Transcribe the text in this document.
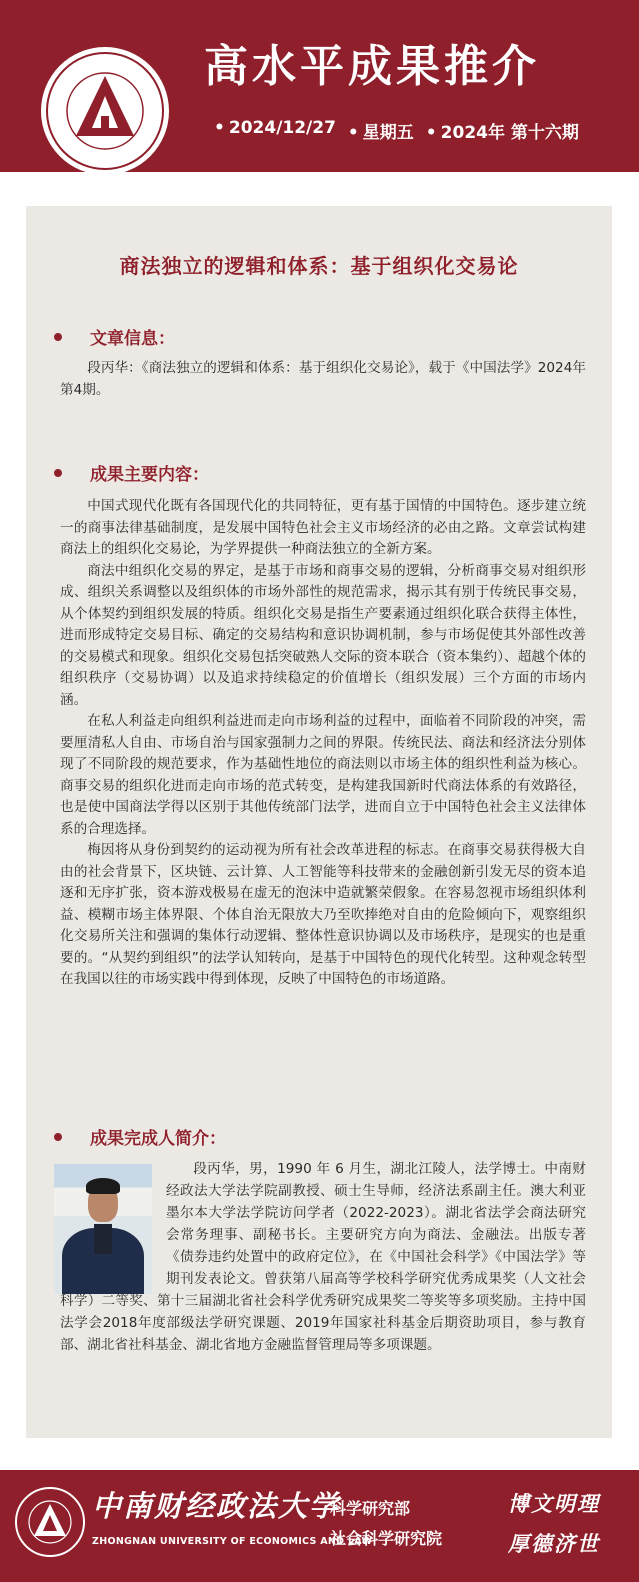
高水平成果推介
• 2024/12/27	• 星期五	• 2024年 第十六期
商法独立的逻辑和体系：基于组织化交易论
文章信息：

段丙华：《商法独立的逻辑和体系：基于组织化交易论》，载于《中国法学》2024年第4期。

成果主要内容：

中国式现代化既有各国现代化的共同特征，更有基于国情的中国特色。逐步建立统一的商事法律基础制度，是发展中国特色社会主义市场经济的必由之路。文章尝试构建商法上的组织化交易论，为学界提供一种商法独立的全新方案。

商法中组织化交易的界定，是基于市场和商事交易的逻辑，分析商事交易对组织形成、组织关系调整以及组织体的市场外部性的规范需求，揭示其有别于传统民事交易，从个体契约到组织发展的特质。组织化交易是指生产要素通过组织化联合获得主体性，进而形成特定交易目标、确定的交易结构和意识协调机制，参与市场促使其外部性改善的交易模式和现象。组织化交易包括突破熟人交际的资本联合（资本集约）、超越个体的组织秩序（交易协调）以及追求持续稳定的价值增长（组织发展）三个方面的市场内涵。

在私人利益走向组织利益进而走向市场利益的过程中，面临着不同阶段的冲突，需要厘清私人自由、市场自治与国家强制力之间的界限。传统民法、商法和经济法分别体现了不同阶段的规范要求，作为基础性地位的商法则以市场主体的组织性利益为核心。商事交易的组织化进而走向市场的范式转变，是构建我国新时代商法体系的有效路径，也是使中国商法学得以区别于其他传统部门法学，进而自立于中国特色社会主义法律体系的合理选择。

梅因将从身份到契约的运动视为所有社会改革进程的标志。在商事交易获得极大自由的社会背景下，区块链、云计算、人工智能等科技带来的金融创新引发无尽的资本追逐和无序扩张，资本游戏极易在虚无的泡沫中造就繁荣假象。在容易忽视市场组织体利益、模糊市场主体界限、个体自治无限放大乃至吹捧绝对自由的危险倾向下，观察组织化交易所关注和强调的集体行动逻辑、整体性意识协调以及市场秩序，是现实的也是重要的。“从契约到组织”的法学认知转向，是基于中国特色的现代化转型。这种观念转型在我国以往的市场实践中得到体现，反映了中国特色的市场道路。

成果完成人简介：

段丙华，男，1990 年 6 月生，湖北江陵人，法学博士。中南财经政法大学法学院副教授、硕士生导师，经济法系副主任。澳大利亚墨尔本大学法学院访问学者（2022-2023）。湖北省法学会商法研究会常务理事、副秘书长。主要研究方向为商法、金融法。出版专著《债券违约处置中的政府定位》，在《中国社会科学》《中国法学》等期刊发表论文。曾获第八届高等学校科学研究优秀成果奖（人文社会科学）二等奖、第十三届湖北省社会科学优秀研究成果奖二等奖等多项奖励。主持中国法学会2018年度部级法学研究课题、2019年国家社科基金后期资助项目，参与教育部、湖北省社科基金、湖北省地方金融监督管理局等多项课题。

中南财经政法大学
ZHONGNAN UNIVERSITY OF ECONOMICS AND LAW
科学研究部
社会科学研究院
博文明理
厚德济世
